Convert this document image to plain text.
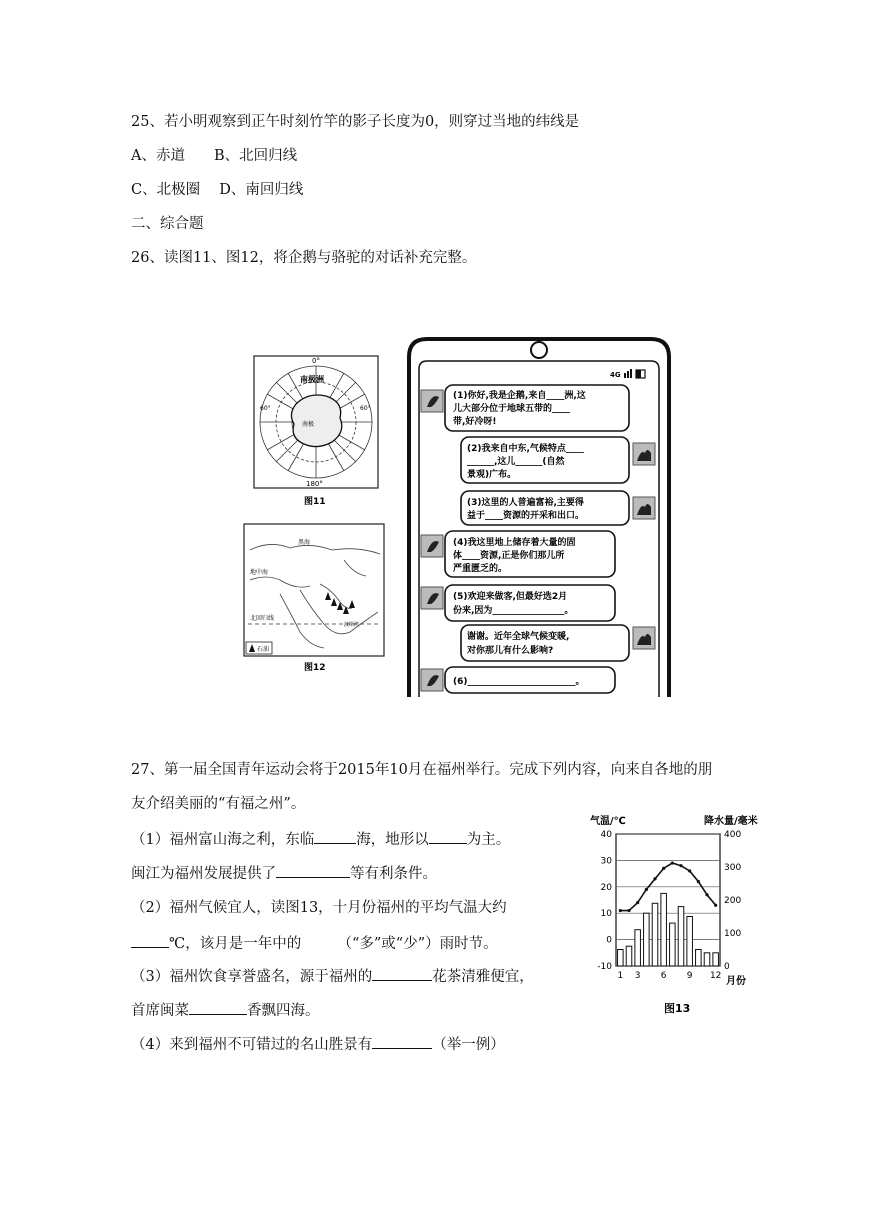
25、若小明观察到正午时刻竹竿的影子长度为0，则穿过当地的纬线是
A、赤道　　B、北回归线
C、北极圈　 D、南回归线
二、综合题
26、读图11、图12，将企鹅与骆驼的对话补充完整。
0°
180°
60°
60°
南极洲
南极
图11
黑海
地中海
北回归线
波斯湾
石油
图12
4G
(1)你好,我是企鹅,来自____洲,这
儿大部分位于地球五带的____
带,好冷呀!
(2)我来自中东,气候特点____
______,这儿______(自然
景观)广布。
(3)这里的人普遍富裕,主要得
益于____资源的开采和出口。
(4)我这里地上储存着大量的固
体____资源,正是你们那儿所
严重匮乏的。
(5)欢迎来做客,但最好选2月
份来,因为________________。
谢谢。近年全球气候变暖,
对你那儿有什么影响?
(6)________________________。
27、第一届全国青年运动会将于2015年10月在福州举行。完成下列内容，向来自各地的朋
友介绍美丽的“有福之州”。
（1）福州富山海之利，东临	海，地形以	为主。
闽江为福州发展提供了	等有利条件。
（2）福州气候宜人，读图13，十月份福州的平均气温大约
℃，该月是一年中的　　　（“多”或“少”）雨时节。
（3）福州饮食享誉盛名，源于福州的	花茶清雅便宜，
首席闽菜	香飘四海。
（4）来到福州不可错过的名山胜景有	（举一例）
-10
0
10
20
30
40
0
100
200
300
400
1 3 6 9 12
气温/℃	降水量/毫米
月份
图13
